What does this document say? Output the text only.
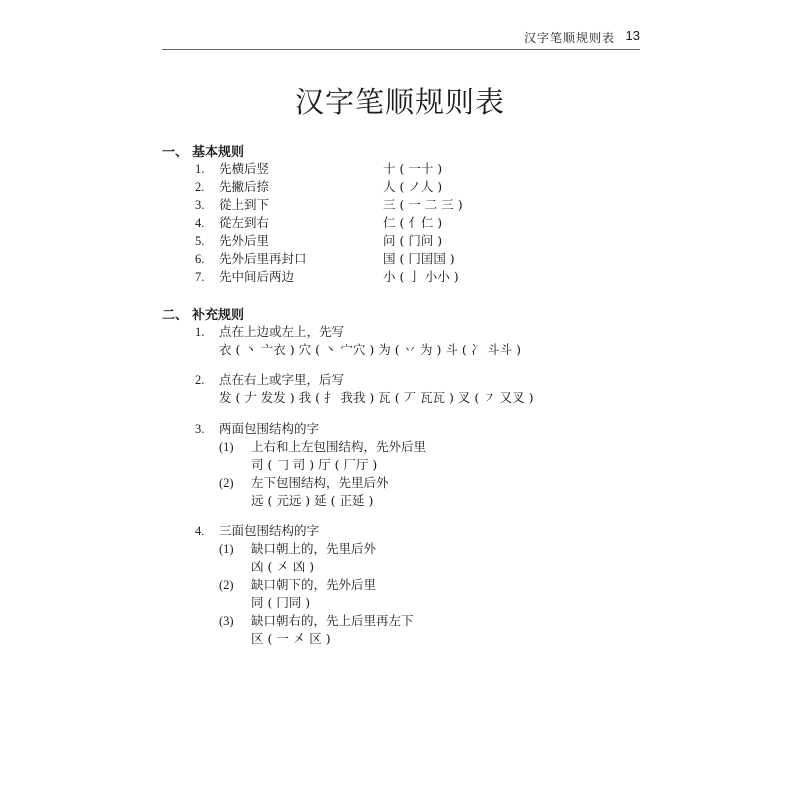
汉字笔顺规则表 13
汉字笔顺规则表
一、 基本规则
1. 先横后竖	十 ( 一十 )
2. 先撇后捺	人 ( ノ人 )
3. 從上到下	三 ( 一 二 三 )
4. 從左到右	仁 ( 亻仁 )
5. 先外后里	问 ( 门问 )
6. 先外后里再封口	国 ( 冂囯国 )
7. 先中间后两边	小 ( 亅 小小 )
二、 补充规则
1. 点在上边或左上，先写
衣 ( 丶 亠衣 ) 穴 ( 丶 宀穴 ) 为 ( 丷 为 ) 斗 ( 冫 斗斗 )
2. 点在右上或字里，后写
发 ( 𠂇 发发 ) 我 ( 扌 我我 ) 瓦 ( 丆 瓦瓦 ) 叉 ( ㇇ 又叉 )
3. 两面包围结构的字
(1) 上右和上左包围结构，先外后里
司 ( 𠃌 司 ) 厅 ( 厂厅 )
(2) 左下包围结构，先里后外
远 ( 元远 ) 延 ( 正延 )
4. 三面包围结构的字
(1) 缺口朝上的，先里后外
凶 ( 㐅 凶 )
(2) 缺口朝下的，先外后里
同 ( 冂同 )
(3) 缺口朝右的，先上后里再左下
区 ( 一 㐅 区 )
